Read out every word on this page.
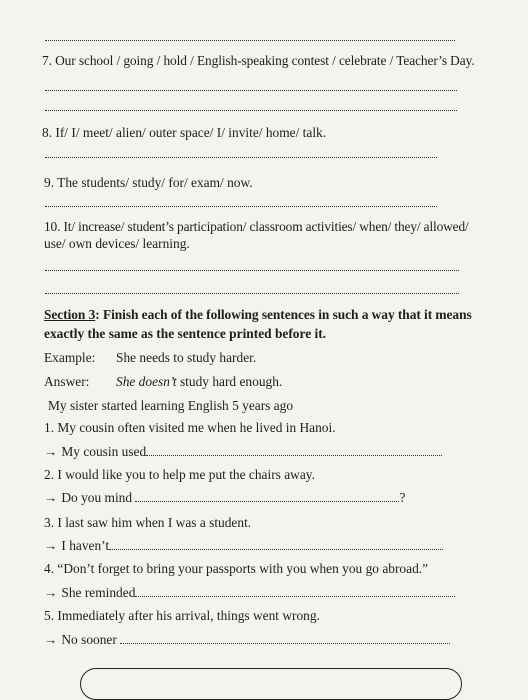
7. Our school / going / hold / English-speaking contest / celebrate / Teacher’s Day.
8. If/ I/ meet/ alien/ outer space/ I/ invite/ home/ talk.
9. The students/ study/ for/ exam/ now.
10. It/ increase/ student’s participation/ classroom activities/ when/ they/ allowed/
use/ own devices/ learning.
Section 3: Finish each of the following sentences in such a way that it means
exactly the same as the sentence printed before it.
Example: She needs to study harder.
Answer: She doesn’t study hard enough.
My sister started learning English 5 years ago
1. My cousin often visited me when he lived in Hanoi.
→ My cousin used
2. I would like you to help me put the chairs away.
→ Do you mind	?
3. I last saw him when I was a student.
→ I haven’t
4. “Don’t forget to bring your passports with you when you go abroad.”
→ She reminded
5. Immediately after his arrival, things went wrong.
→ No sooner
